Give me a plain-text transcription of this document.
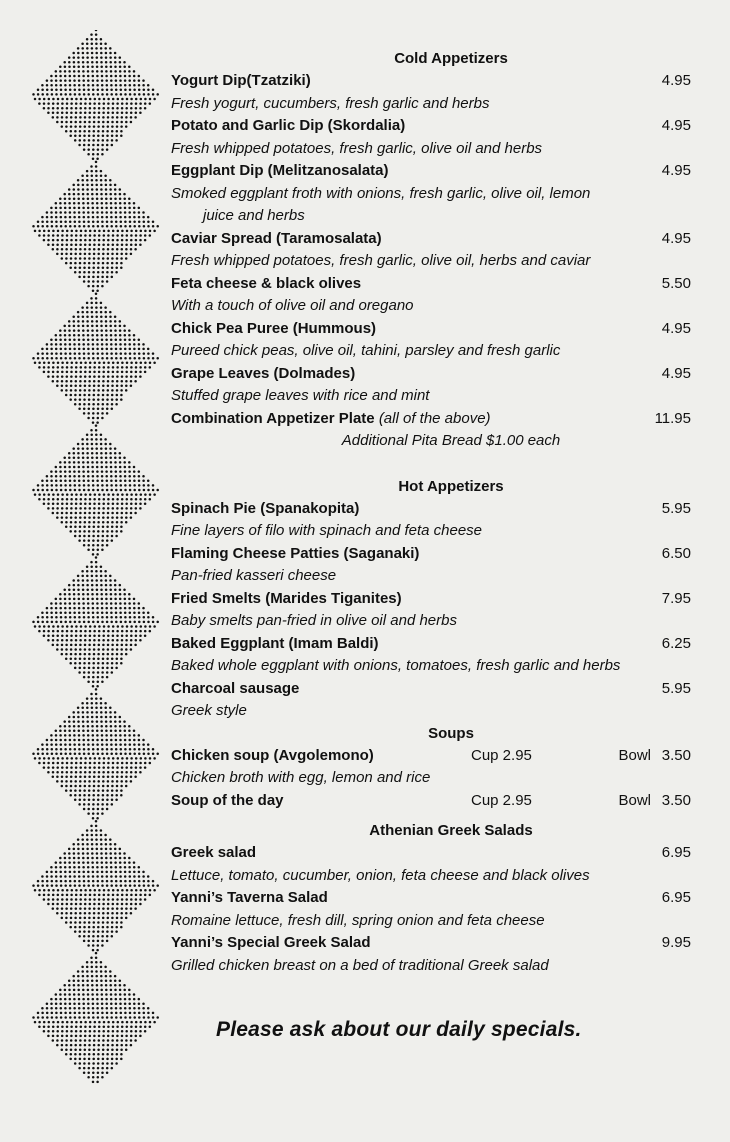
Cold Appetizers
Yogurt Dip(Tzatziki)	4.95
Fresh yogurt, cucumbers, fresh garlic and herbs
Potato and Garlic Dip (Skordalia)	4.95
Fresh whipped potatoes, fresh garlic, olive oil and herbs
Eggplant Dip (Melitzanosalata)	4.95
Smoked eggplant froth with onions, fresh garlic, olive oil, lemon
juice and herbs
Caviar Spread (Taramosalata)	4.95
Fresh whipped potatoes, fresh garlic, olive oil, herbs and caviar
Feta cheese & black olives	5.50
With a touch of olive oil and oregano
Chick Pea Puree (Hummous)	4.95
Pureed chick peas, olive oil, tahini, parsley and fresh garlic
Grape Leaves (Dolmades)	4.95
Stuffed grape leaves with rice and mint
Combination Appetizer Plate (all of the above)	11.95
Additional Pita Bread $1.00 each
Hot Appetizers
Spinach Pie (Spanakopita)	5.95
Fine layers of filo with spinach and feta cheese
Flaming Cheese Patties (Saganaki)	6.50
Pan-fried kasseri cheese
Fried Smelts (Marides Tiganites)	7.95
Baby smelts pan-fried in olive oil and herbs
Baked Eggplant (Imam Baldi)	6.25
Baked whole eggplant with onions, tomatoes, fresh garlic and herbs
Charcoal sausage	5.95
Greek style
Soups
Chicken soup (Avgolemono)	Cup 2.95	Bowl 3.50
Chicken broth with egg, lemon and rice
Soup of the day	Cup 2.95	Bowl 3.50
Athenian Greek Salads
Greek salad	6.95
Lettuce, tomato, cucumber, onion, feta cheese and black olives
Yanni’s Taverna Salad	6.95
Romaine lettuce, fresh dill, spring onion and feta cheese
Yanni’s Special Greek Salad	9.95
Grilled chicken breast on a bed of traditional Greek salad
Please ask about our daily specials.
